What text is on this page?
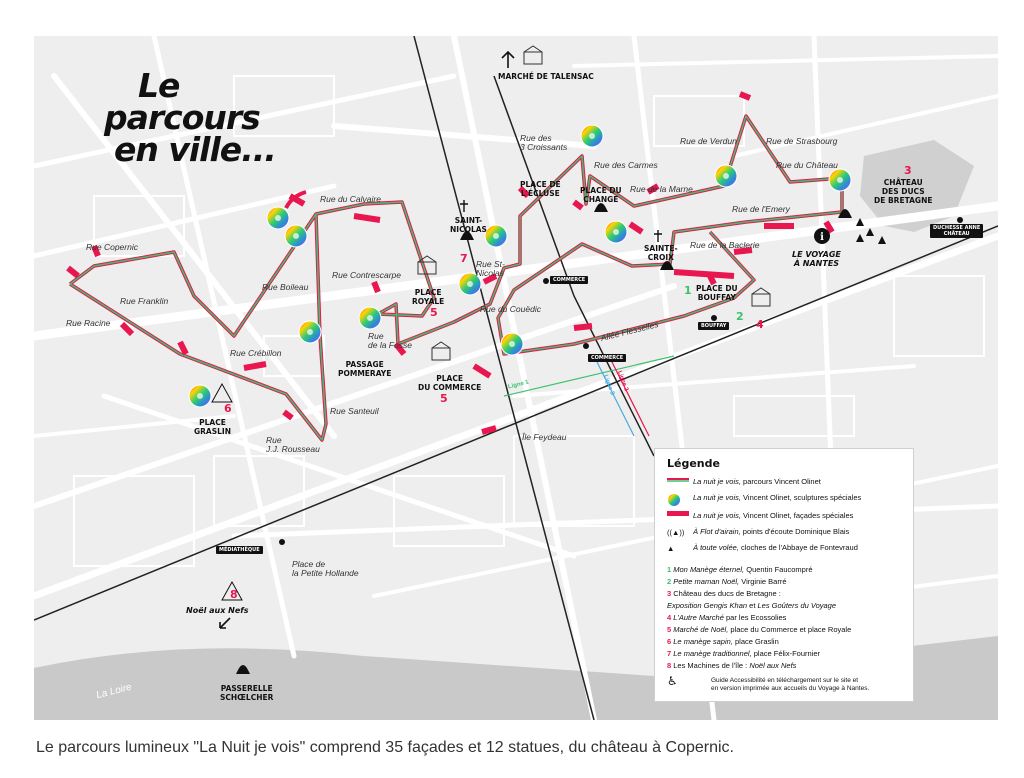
i
Le
parcours
en ville...
Rue Copernic
Rue Franklin
Rue Racine
Rue Crébillon
Rue Boileau
Rue du Calvaire
Rue Contrescarpe
Rue
de la Fosse
Rue Santeuil
Rue
J.J. Rousseau
Rue du Couëdic
Rue St-
Nicolas
Rue des
3 Croissants
Rue des Carmes
Rue de la Marne
Rue de Verdun	Rue de Strasbourg
Rue du Château
Rue de l'Emery
Rue de la Baclerie
Allée Flesselles
Île Feydeau
Place de
la Petite Hollande
La Loire
MARCHÉ DE TALENSAC
PLACE DE
L'ÉCLUSE	PLACE DU
CHANGE
SAINT-
NICOLAS
SAINTE-
CROIX
PLACE DU
BOUFFAY
PLACE
ROYALE
PASSAGE
POMMERAYE
PLACE
DU COMMERCE
PLACE
GRASLIN
CHÂTEAU
DES DUCS
DE BRETAGNE
LE VOYAGE
À NANTES
Noël aux Nefs
PASSERELLE
SCHŒLCHER
1
2
3
4
5
5
6
7
8
COMMERCE
COMMERCE
BOUFFAY
MÉDIATHÈQUE
DUCHESSE ANNE
CHÂTEAU
Ligne 1	Ligne 3 Ligne 2
Légende
La nuit je vois, parcours Vincent Olinet
La nuit je vois, Vincent Olinet, sculptures spéciales
La nuit je vois, Vincent Olinet, façades spéciales
((▲)) À Flot d'airain, points d'écoute Dominique Blais
▲ À toute volée, cloches de l'Abbaye de Fontevraud
1 Mon Manège éternel, Quentin Faucompré
2 Petite maman Noël, Virginie Barré
3 Château des ducs de Bretagne :
Exposition Gengis Khan et Les Goûters du Voyage
4 L'Autre Marché par les Ecossolies
5 Marché de Noël, place du Commerce et place Royale
6 Le manège sapin, place Graslin
7 Le manège traditionnel, place Félix-Fournier
8 Les Machines de l'île : Noël aux Nefs
♿︎	Guide Accessibilité en téléchargement sur le site et
en version imprimée aux accueils du Voyage à Nantes.
Le parcours lumineux "La Nuit je vois" comprend 35 façades et 12 statues, du château à Copernic.
